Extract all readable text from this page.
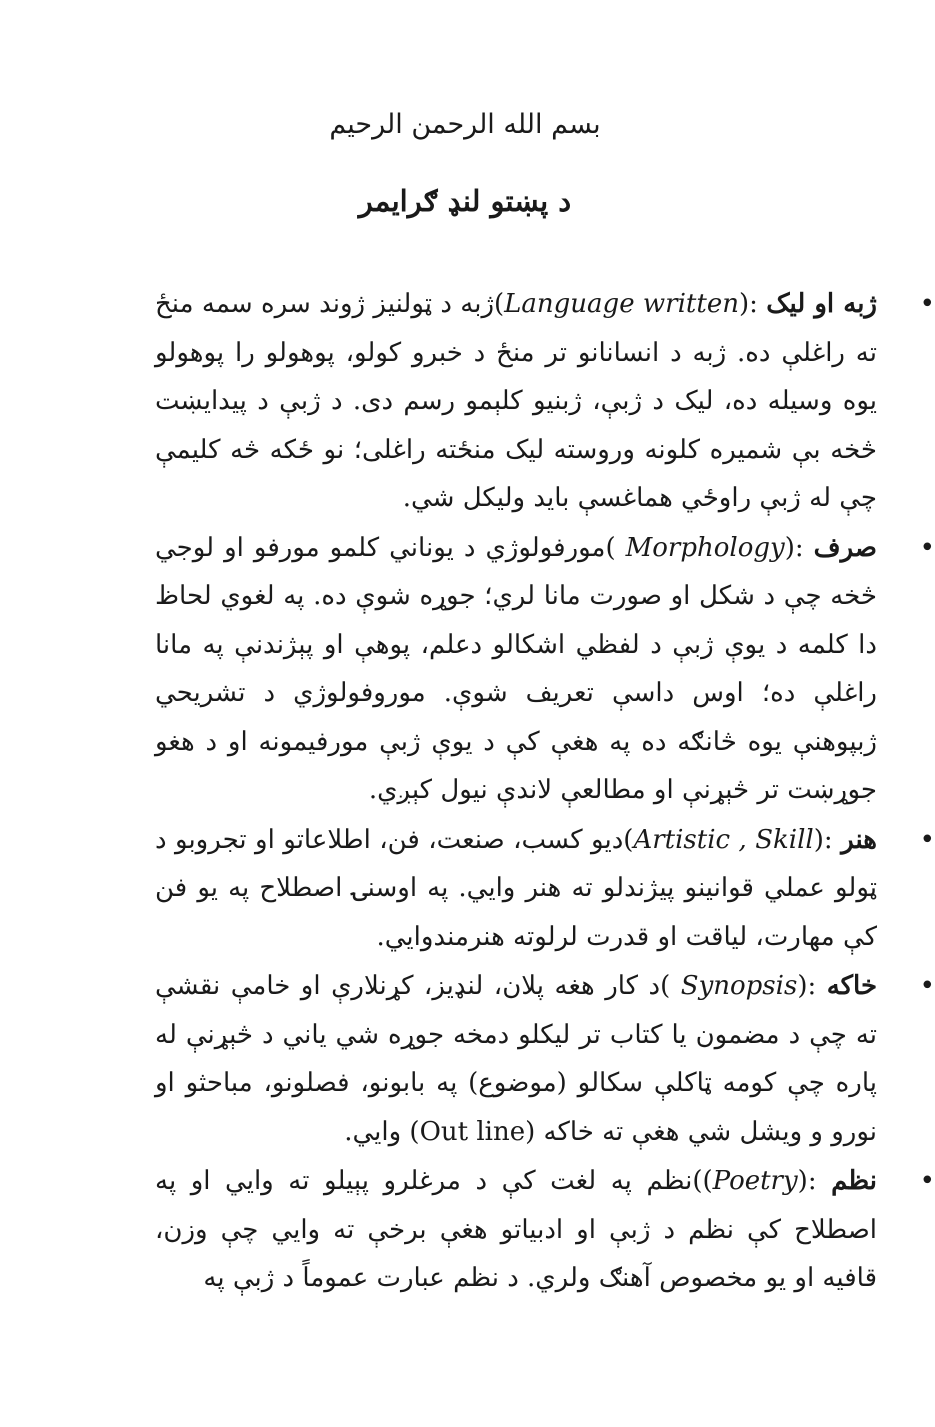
بسم الله الرحمن الرحيم
د پښتو لنډ ګرايمر
•
ژبه او ليک :(Language written)ژبه د ټولنيز ژوند سره سمه منځ ته راغلې ده. ژبه د انسانانو تر منځ د خبرو کولو، پوهولو را پوهولو يوه وسيله ده، ليک د ژبې، ژبنيو کلېمو رسم دی. د ژبې د پيدايښت څخه بې شميره کلونه وروسته ليک منځته راغلی؛ نو ځکه څه کليمې چې له ژبې راوځي هماغسې بايد وليکل شي.
•
صرف :(Morphology )مورفولوژي د يوناني کلمو مورفو او لوجي څخه چې د شکل او صورت مانا لري؛ جوړه شوې ده. په لغوي لحاظ دا کلمه د يوې ژبې د لفظي اشکالو دعلم، پوهې او پېژندنې په مانا راغلې ده؛ اوس داسې تعريف شوې. موروفولوژي د تشريحي ژبپوهنې يوه څانګه ده په هغې کې د يوې ژبې مورفيمونه او د هغو جوړښت تر څېړنې او مطالعې لاندې نيول کېږي.
•
هنر :(Artistic , Skill)ديو کسب، صنعت، فن، اطلاعاتو او تجروبو د ټولو عملي قوانينو پيژندلو ته هنر وايي. په اوسنۍ اصطلاح په يو فن کې مهارت، لياقت او قدرت لرلوته هنرمندوايي.
•
خاکه :(Synopsis )د کار هغه پلان، لنډيز، کړنلارې او خامې نقشې ته چې د مضمون يا کتاب تر ليکلو دمخه جوړه شي ياني د څېړنې له پاره چې کومه ټاکلې سکالو (موضوع) په بابونو، فصلونو، مباحثو او نورو و ويشل شي هغې ته خاکه (Out line) وايي.
•
نظم :(Poetry))نظم په لغت کې د مرغلرو پېيلو ته وايي او په اصطلاح کې نظم د ژبې او ادبياتو هغې برخې ته وايي چې وزن، قافيه او يو مخصوص آهنګ ولري. د نظم عبارت عموماً د ژبې په
